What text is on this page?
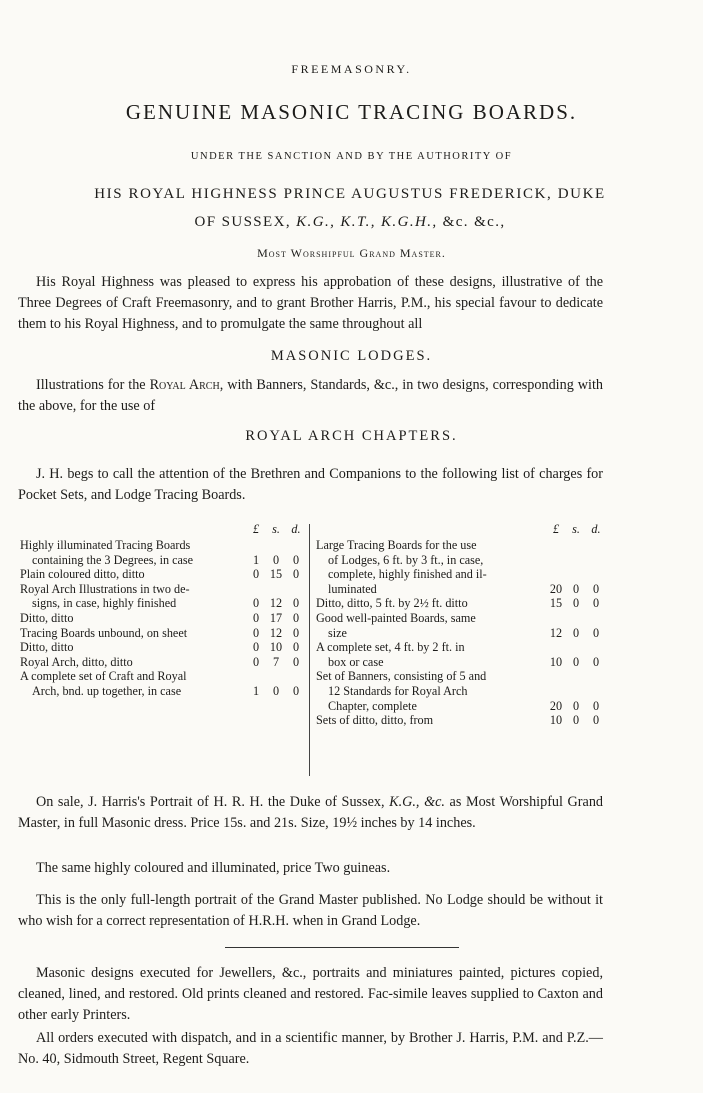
FREEMASONRY.
GENUINE MASONIC TRACING BOARDS.
UNDER THE SANCTION AND BY THE AUTHORITY OF
HIS ROYAL HIGHNESS PRINCE AUGUSTUS FREDERICK, DUKE
OF SUSSEX, K.G., K.T., K.G.H., &c. &c.,
Most Worshipful Grand Master.
His Royal Highness was pleased to express his approbation of these designs, illustrative of the Three Degrees of Craft Freemasonry, and to grant Brother Harris, P.M., his special favour to dedicate them to his Royal Highness, and to promulgate the same throughout all
MASONIC LODGES.
Illustrations for the Royal Arch, with Banners, Standards, &c., in two designs, corresponding with the above, for the use of
ROYAL ARCH CHAPTERS.
J. H. begs to call the attention of the Brethren and Companions to the following list of charges for Pocket Sets, and Lodge Tracing Boards.
£	s. d.
Highly illuminated Tracing Boards
containing the 3 Degrees, in case	1	0	0
Plain coloured ditto, ditto	0 15 0
Royal Arch Illustrations in two de-
signs, in case, highly finished	0 12 0
Ditto, ditto	0 17 0
Tracing Boards unbound, on sheet	0 12 0
Ditto, ditto	0 10 0
Royal Arch, ditto, ditto	0	7	0
A complete set of Craft and Royal
Arch, bnd. up together, in case	1	0	0
£	s. d.
Large Tracing Boards for the use
of Lodges, 6 ft. by 3 ft., in case,
complete, highly finished and il-
luminated	20 0	0
Ditto, ditto, 5 ft. by 2½ ft. ditto	15 0	0
Good well-painted Boards, same
size	12 0	0
A complete set, 4 ft. by 2 ft. in
box or case	10 0	0
Set of Banners, consisting of 5 and
12 Standards for Royal Arch
Chapter, complete	20 0	0
Sets of ditto, ditto, from	10 0	0
On sale, J. Harris's Portrait of H. R. H. the Duke of Sussex, K.G., &c. as Most Worshipful Grand Master, in full Masonic dress. Price 15s. and 21s. Size, 19½ inches by 14 inches.
The same highly coloured and illuminated, price Two guineas.
This is the only full-length portrait of the Grand Master published. No Lodge should be without it who wish for a correct representation of H.R.H. when in Grand Lodge.
Masonic designs executed for Jewellers, &c., portraits and miniatures painted, pictures copied, cleaned, lined, and restored. Old prints cleaned and restored. Fac-simile leaves supplied to Caxton and other early Printers.
All orders executed with dispatch, and in a scientific manner, by Brother J. Harris, P.M. and P.Z.—No. 40, Sidmouth Street, Regent Square.
